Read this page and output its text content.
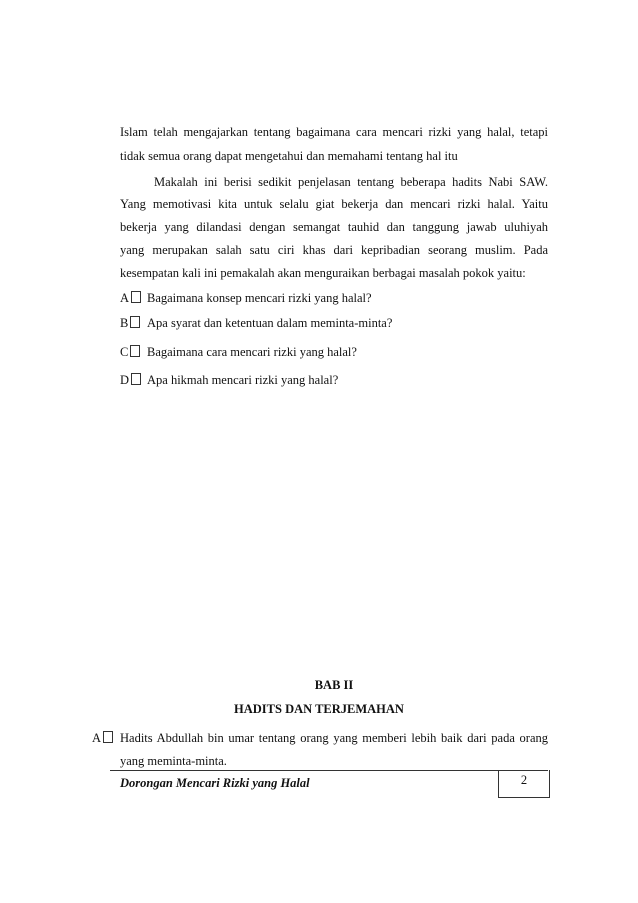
Islam telah mengajarkan tentang bagaimana cara mencari rizki yang halal, tetapi
tidak semua orang dapat mengetahui dan memahami tentang hal itu
Makalah ini berisi sedikit penjelasan tentang beberapa hadits Nabi SAW.
Yang memotivasi kita untuk selalu giat bekerja dan mencari rizki halal. Yaitu
bekerja yang dilandasi dengan semangat tauhid dan tanggung jawab uluhiyah
yang merupakan salah satu ciri khas dari kepribadian seorang muslim. Pada
kesempatan kali ini pemakalah akan menguraikan berbagai masalah pokok yaitu:
A	Bagaimana konsep mencari rizki yang halal?
B	Apa syarat dan ketentuan dalam meminta-minta?
C	Bagaimana cara mencari rizki yang halal?
D	Apa hikmah mencari rizki yang halal?
BAB II
HADITS DAN TERJEMAHAN
A	Hadits Abdullah bin umar tentang orang yang memberi lebih baik dari pada orang
yang meminta-minta.
Dorongan Mencari Rizki yang Halal	2
